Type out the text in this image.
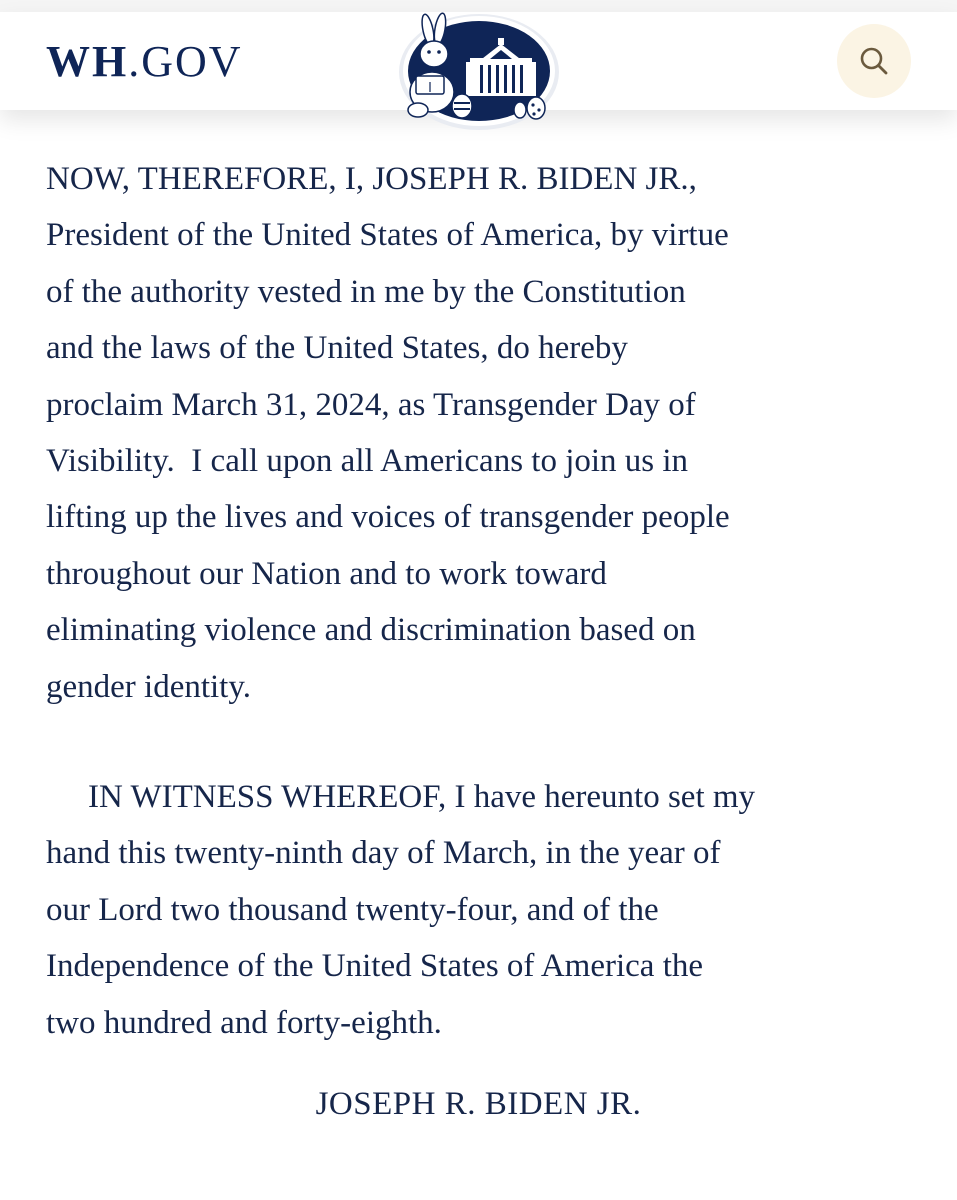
WH.GOV

NOW, THEREFORE, I, JOSEPH R. BIDEN JR.,
President of the United States of America, by virtue
of the authority vested in me by the Constitution
and the laws of the United States, do hereby
proclaim March 31, 2024, as Transgender Day of
Visibility.  I call upon all Americans to join us in
lifting up the lives and voices of transgender people
throughout our Nation and to work toward
eliminating violence and discrimination based on
gender identity.

IN WITNESS WHEREOF, I have hereunto set my
hand this twenty-ninth day of March, in the year of
our Lord two thousand twenty-four, and of the
Independence of the United States of America the
two hundred and forty-eighth.

JOSEPH R. BIDEN JR.
